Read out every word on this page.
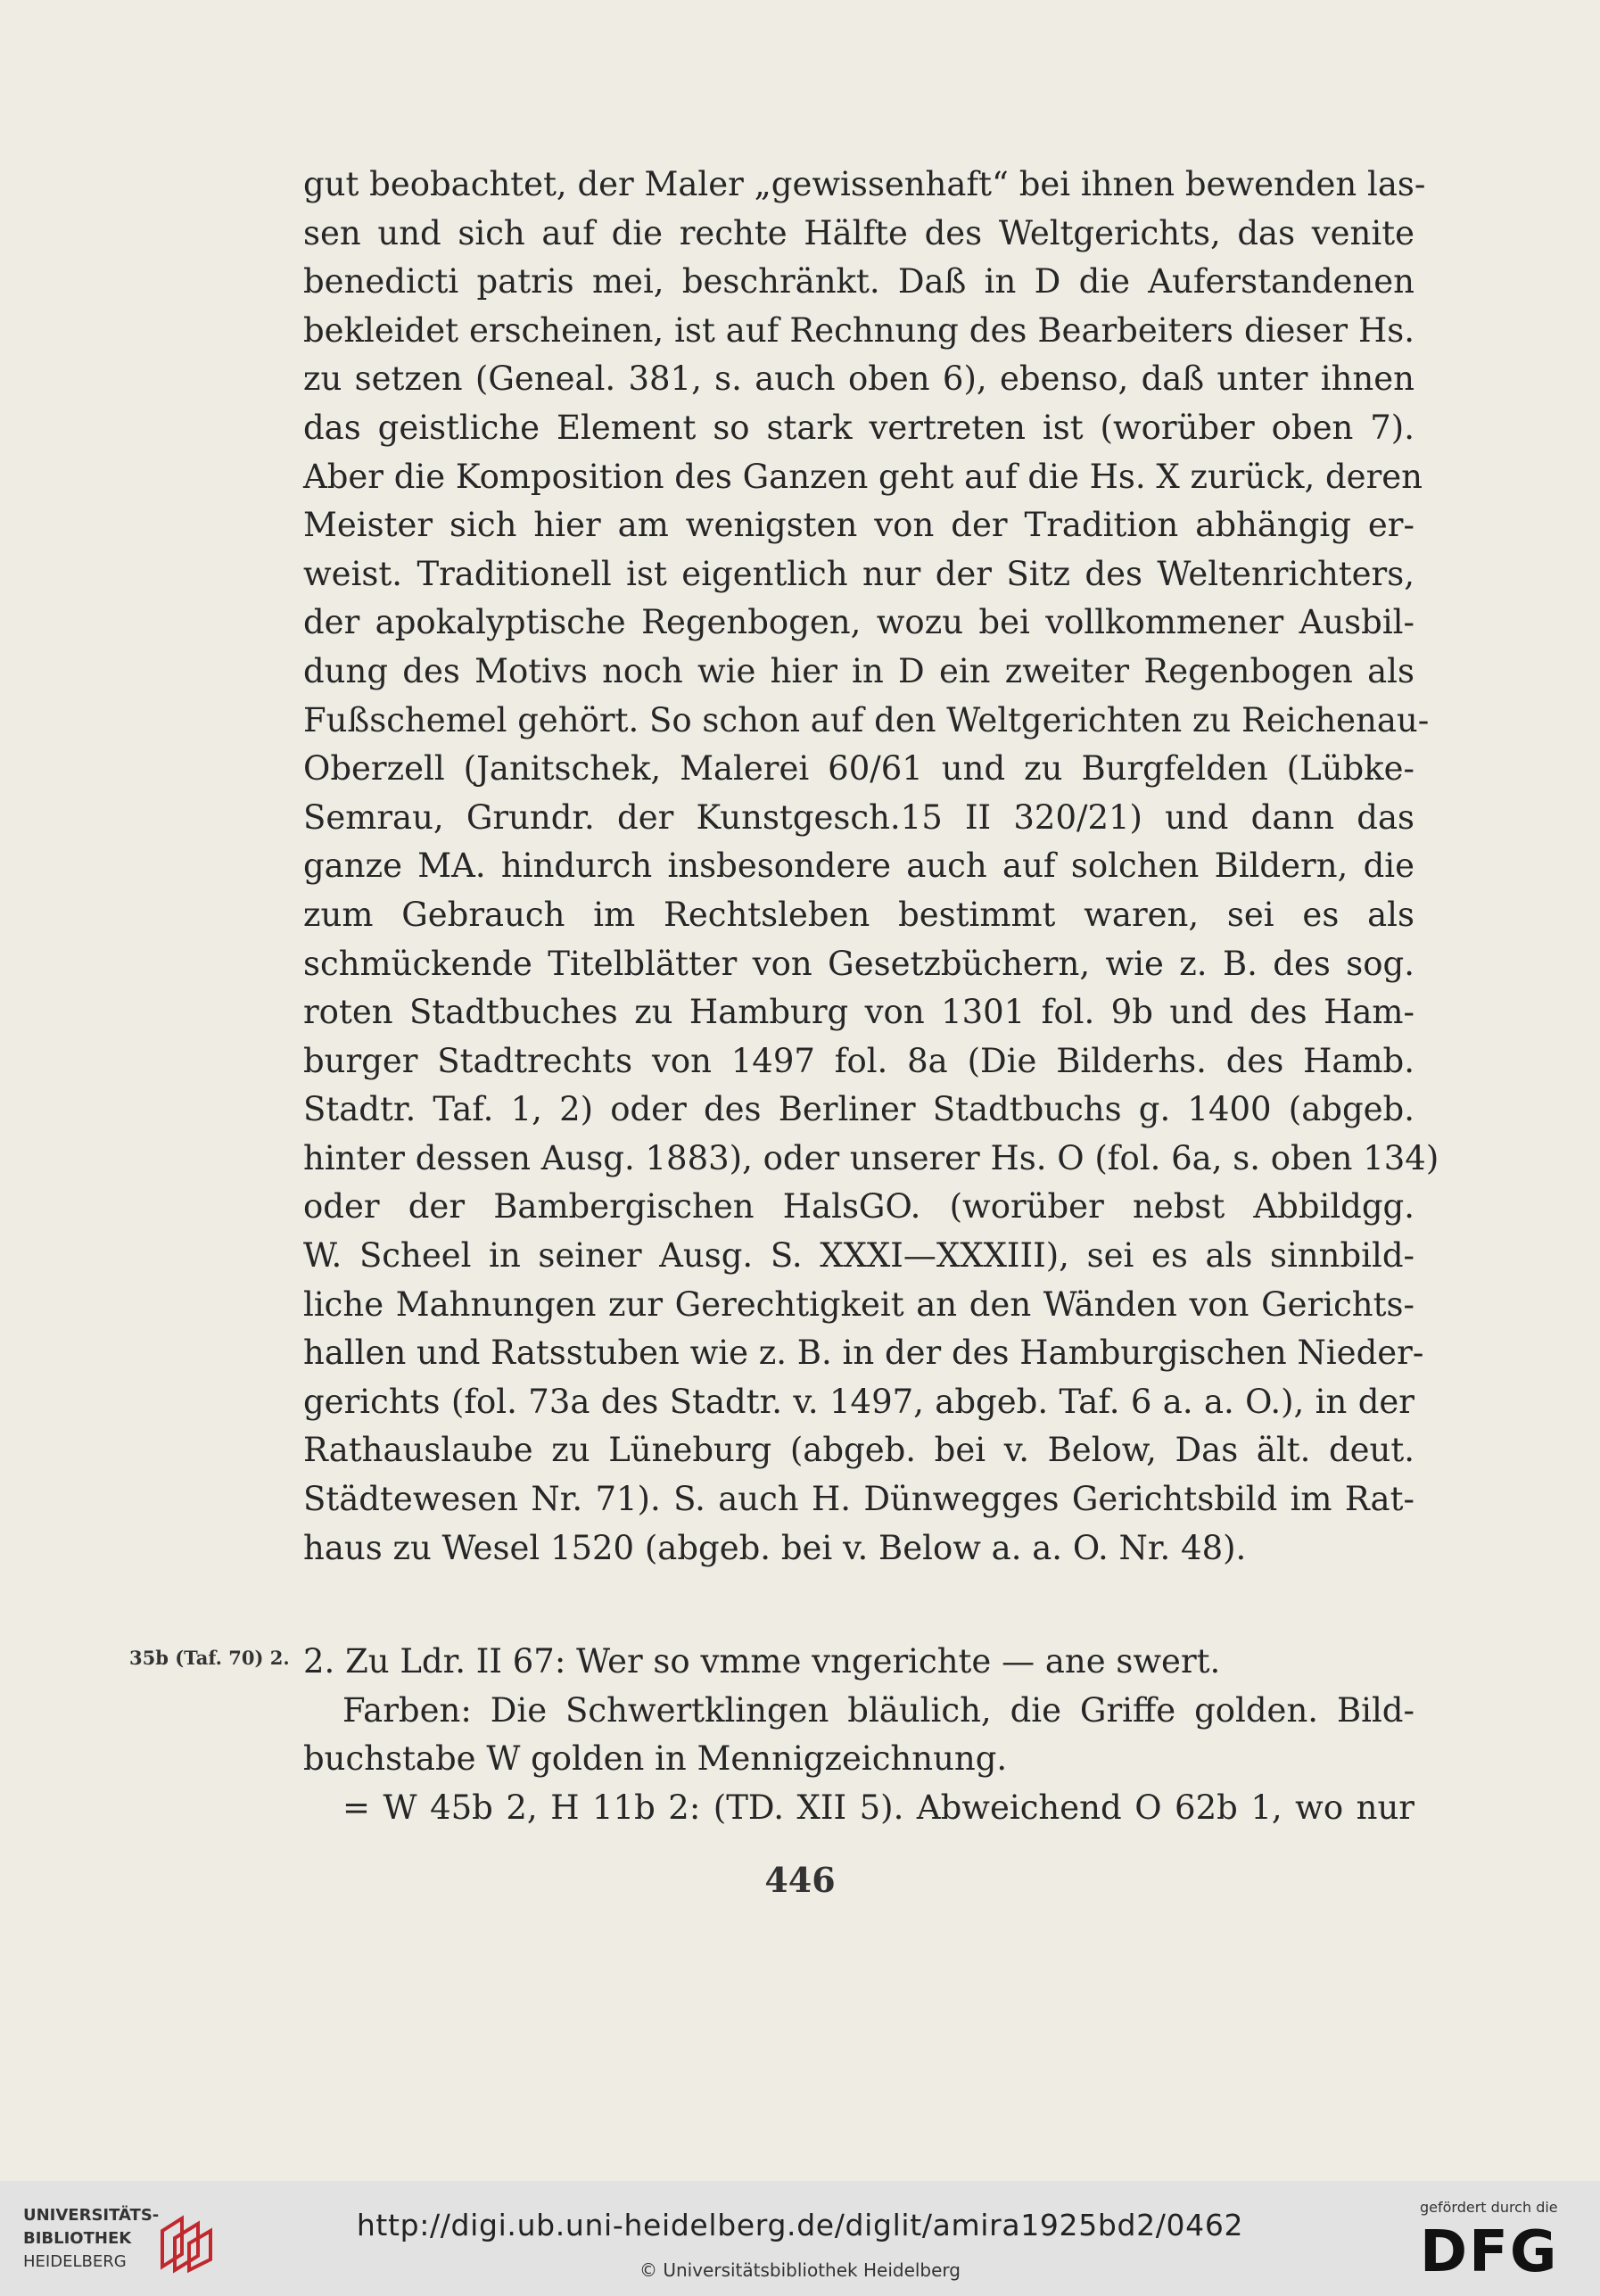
gut beobachtet, der Maler „gewissenhaft“ bei ihnen bewenden las-
sen und sich auf die rechte Hälfte des Weltgerichts, das venite
benedicti patris mei, beschränkt. Daß in D die Auferstandenen
bekleidet erscheinen, ist auf Rechnung des Bearbeiters dieser Hs.
zu setzen (Geneal. 381, s. auch oben 6), ebenso, daß unter ihnen
das geistliche Element so stark vertreten ist (worüber oben 7).
Aber die Komposition des Ganzen geht auf die Hs. X zurück, deren
Meister sich hier am wenigsten von der Tradition abhängig er-
weist. Traditionell ist eigentlich nur der Sitz des Weltenrichters,
der apokalyptische Regenbogen, wozu bei vollkommener Ausbil-
dung des Motivs noch wie hier in D ein zweiter Regenbogen als
Fußschemel gehört. So schon auf den Weltgerichten zu Reichenau-
Oberzell (Janitschek, Malerei 60/61 und zu Burgfelden (Lübke-
Semrau, Grundr. der Kunstgesch.15 II 320/21) und dann das
ganze MA. hindurch insbesondere auch auf solchen Bildern, die
zum Gebrauch im Rechtsleben bestimmt waren, sei es als
schmückende Titelblätter von Gesetzbüchern, wie z. B. des sog.
roten Stadtbuches zu Hamburg von 1301 fol. 9b und des Ham-
burger Stadtrechts von 1497 fol. 8a (Die Bilderhs. des Hamb.
Stadtr. Taf. 1, 2) oder des Berliner Stadtbuchs g. 1400 (abgeb.
hinter dessen Ausg. 1883), oder unserer Hs. O (fol. 6a, s. oben 134)
oder der Bambergischen HalsGO. (worüber nebst Abbildgg.
W. Scheel in seiner Ausg. S. XXXI—XXXIII), sei es als sinnbild-
liche Mahnungen zur Gerechtigkeit an den Wänden von Gerichts-
hallen und Ratsstuben wie z. B. in der des Hamburgischen Nieder-
gerichts (fol. 73a des Stadtr. v. 1497, abgeb. Taf. 6 a. a. O.), in der
Rathauslaube zu Lüneburg (abgeb. bei v. Below, Das ält. deut.
Städtewesen Nr. 71). S. auch H. Dünwegges Gerichtsbild im Rat-
haus zu Wesel 1520 (abgeb. bei v. Below a. a. O. Nr. 48).
35b (Taf. 70) 2. 2. Zu Ldr. II 67: Wer so vmme vngerichte — ane swert.
Farben: Die Schwertklingen bläulich, die Griffe golden. Bild-
buchstabe W golden in Mennigzeichnung.
= W 45b 2, H 11b 2: (TD. XII 5). Abweichend O 62b 1, wo nur
446
UNIVERSITÄTS-
BIBLIOTHEK
HEIDELBERG
http://digi.ub.uni-heidelberg.de/diglit/amira1925bd2/0462
© Universitätsbibliothek Heidelberg
gefördert durch die
DFG
